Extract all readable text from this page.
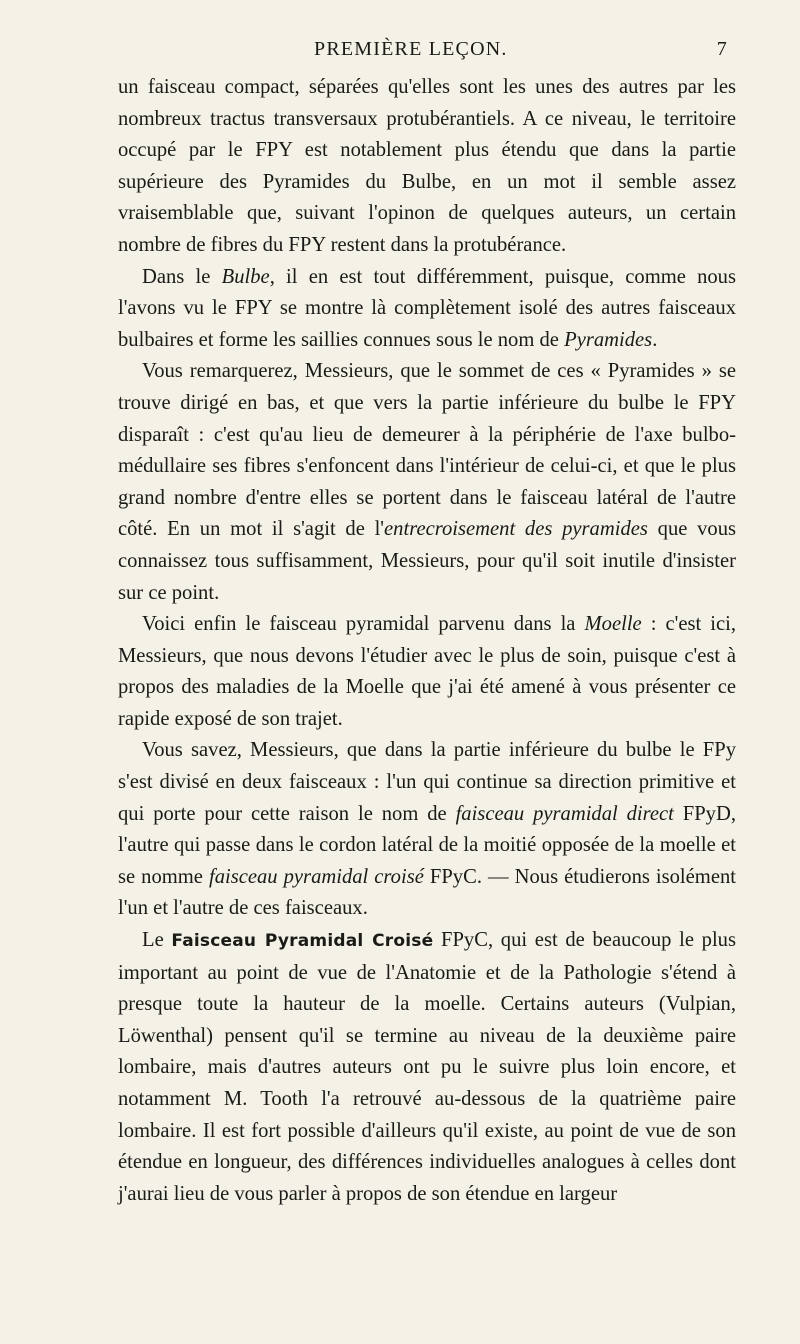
PREMIÈRE LEÇON.	7

un faisceau compact, séparées qu'elles sont les unes des autres par les nombreux tractus transversaux protubérantiels. A ce niveau, le territoire occupé par le FPY est notablement plus étendu que dans la partie supérieure des Pyramides du Bulbe, en un mot il semble assez vraisemblable que, suivant l'opinon de quelques auteurs, un certain nombre de fibres du FPY restent dans la protubérance.

Dans le Bulbe, il en est tout différemment, puisque, comme nous l'avons vu le FPY se montre là complètement isolé des autres faisceaux bulbaires et forme les saillies connues sous le nom de Pyramides.

Vous remarquerez, Messieurs, que le sommet de ces « Pyramides » se trouve dirigé en bas, et que vers la partie inférieure du bulbe le FPY disparaît : c'est qu'au lieu de demeurer à la périphérie de l'axe bulbo-médullaire ses fibres s'enfoncent dans l'intérieur de celui-ci, et que le plus grand nombre d'entre elles se portent dans le faisceau latéral de l'autre côté. En un mot il s'agit de l'entrecroisement des pyramides que vous connaissez tous suffisamment, Messieurs, pour qu'il soit inutile d'insister sur ce point.

Voici enfin le faisceau pyramidal parvenu dans la Moelle : c'est ici, Messieurs, que nous devons l'étudier avec le plus de soin, puisque c'est à propos des maladies de la Moelle que j'ai été amené à vous présenter ce rapide exposé de son trajet.

Vous savez, Messieurs, que dans la partie inférieure du bulbe le FPy s'est divisé en deux faisceaux : l'un qui continue sa direction primitive et qui porte pour cette raison le nom de faisceau pyramidal direct FPyD, l'autre qui passe dans le cordon latéral de la moitié opposée de la moelle et se nomme faisceau pyramidal croisé FPyC. — Nous étudierons isolément l'un et l'autre de ces faisceaux.

Le Faisceau Pyramidal Croisé FPyC, qui est de beaucoup le plus important au point de vue de l'Anatomie et de la Pathologie s'étend à presque toute la hauteur de la moelle. Certains auteurs (Vulpian, Löwenthal) pensent qu'il se termine au niveau de la deuxième paire lombaire, mais d'autres auteurs ont pu le suivre plus loin encore, et notamment M. Tooth l'a retrouvé au-dessous de la quatrième paire lombaire. Il est fort possible d'ailleurs qu'il existe, au point de vue de son étendue en longueur, des différences individuelles analogues à celles dont j'aurai lieu de vous parler à propos de son étendue en largeur
